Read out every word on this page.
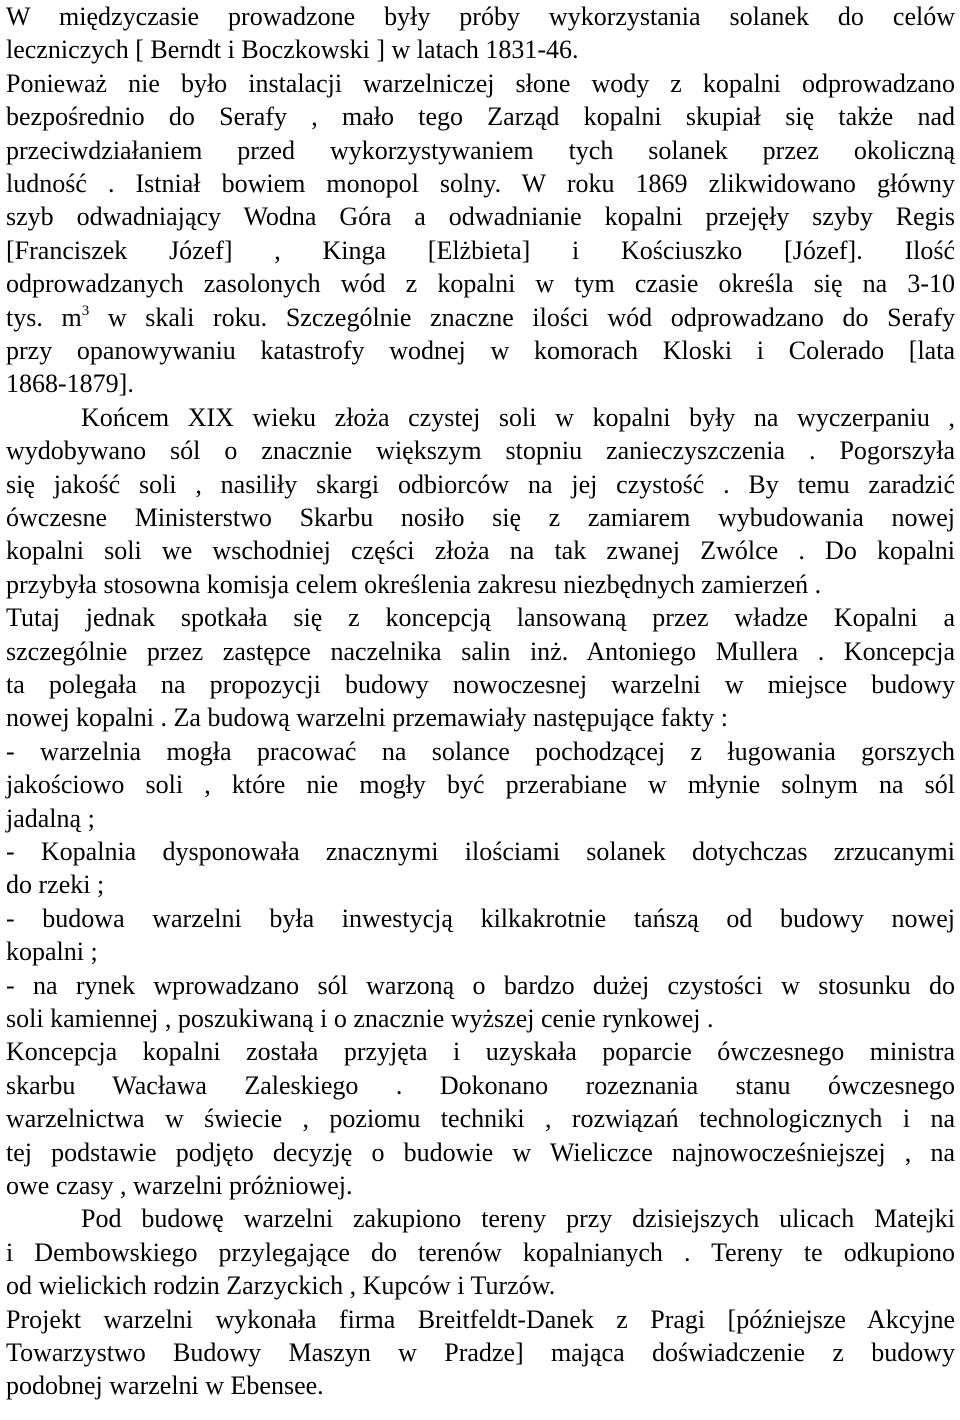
W międzyczasie prowadzone były próby wykorzystania solanek do celów
leczniczych [ Berndt i Boczkowski ] w latach 1831-46.
Ponieważ nie było instalacji warzelniczej słone wody z kopalni odprowadzano
bezpośrednio do Serafy , mało tego Zarząd kopalni skupiał się także nad
przeciwdziałaniem przed wykorzystywaniem tych solanek przez okoliczną
ludność . Istniał bowiem monopol solny. W roku 1869 zlikwidowano główny
szyb odwadniający Wodna Góra a odwadnianie kopalni przejęły szyby Regis
[Franciszek Józef] , Kinga [Elżbieta] i Kościuszko [Józef]. Ilość
odprowadzanych zasolonych wód z kopalni w tym czasie określa się na 3-10
tys. $m^3$ w skali roku. Szczególnie znaczne ilości wód odprowadzano do Serafy
przy opanowywaniu katastrofy wodnej w komorach Kloski i Colerado [lata
1868-1879].
Końcem XIX wieku złoża czystej soli w kopalni były na wyczerpaniu ,
wydobywano sól o znacznie większym stopniu zanieczyszczenia . Pogorszyła
się jakość soli , nasiliły skargi odbiorców na jej czystość . By temu zaradzić
ówczesne Ministerstwo Skarbu nosiło się z zamiarem wybudowania nowej
kopalni soli we wschodniej części złoża na tak zwanej Zwólce . Do kopalni
przybyła stosowna komisja celem określenia zakresu niezbędnych zamierzeń .
Tutaj jednak spotkała się z koncepcją lansowaną przez władze Kopalni a
szczególnie przez zastępce naczelnika salin inż. Antoniego Mullera . Koncepcja
ta polegała na propozycji budowy nowoczesnej warzelni w miejsce budowy
nowej kopalni . Za budową warzelni przemawiały następujące fakty :
- warzelnia mogła pracować na solance pochodzącej z ługowania gorszych
jakościowo soli , które nie mogły być przerabiane w młynie solnym na sól
jadalną ;
- Kopalnia dysponowała znacznymi ilościami solanek dotychczas zrzucanymi
do rzeki ;
- budowa warzelni była inwestycją kilkakrotnie tańszą od budowy nowej
kopalni ;
- na rynek wprowadzano sól warzoną o bardzo dużej czystości w stosunku do
soli kamiennej , poszukiwaną i o znacznie wyższej cenie rynkowej .
Koncepcja kopalni została przyjęta i uzyskała poparcie ówczesnego ministra
skarbu Wacława Zaleskiego . Dokonano rozeznania stanu ówczesnego
warzelnictwa w świecie , poziomu techniki , rozwiązań technologicznych i na
tej podstawie podjęto decyzję o budowie w Wieliczce najnowocześniejszej , na
owe czasy , warzelni próżniowej.
Pod budowę warzelni zakupiono tereny przy dzisiejszych ulicach Matejki
i Dembowskiego przylegające do terenów kopalnianych . Tereny te odkupiono
od wielickich rodzin Zarzyckich , Kupców i Turzów.
Projekt warzelni wykonała firma Breitfeldt-Danek z Pragi [późniejsze Akcyjne
Towarzystwo Budowy Maszyn w Pradze] mająca doświadczenie z budowy
podobnej warzelni w Ebensee.
